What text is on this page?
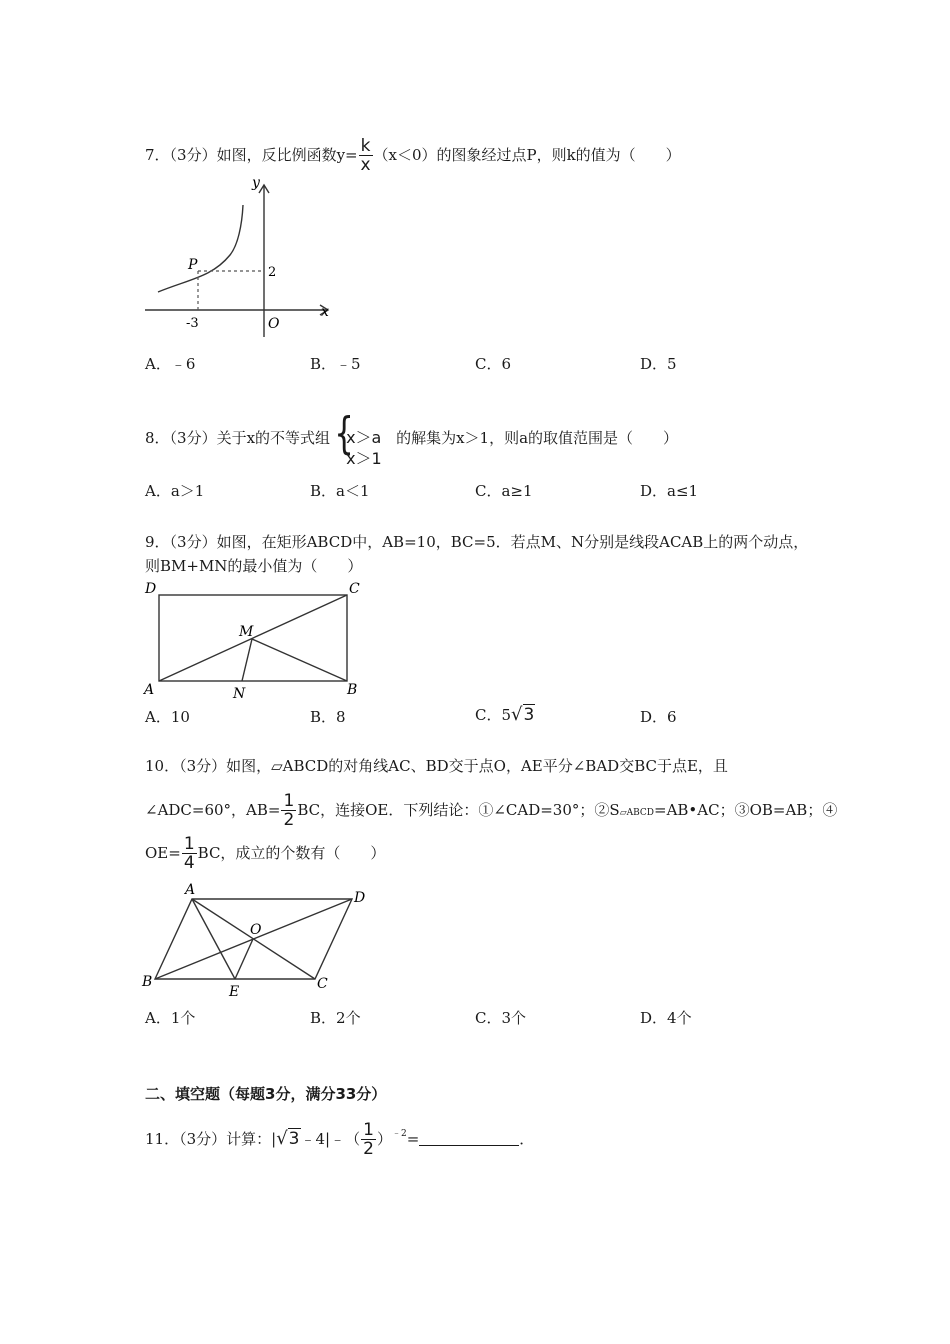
7．（3分）如图，反比例函数$y= \frac{k}{x} (x<0)$的图象经过点P，则k的值为（　　）
y
x
P
O
-3
2
A．﹣6	B．﹣5	C．6	D．5
8．（3分）关于x的不等式组 {
x＞a
x＞1
的解集为x＞1，则a的取值范围是（　　）
A．a＞1	B．a＜1	C．a≥1	D．a≤1
9．（3分）如图，在矩形ABCD中，AB=10，BC=5．若点M、N分别是线段ACAB上的两个动点，
则BM+MN的最小值为（　　）
D	C
A	B
M
N
A．10	B．8	C．5√3	D．6
10．（3分）如图，▱ABCD的对角线AC、BD交于点O，AE平分∠BAD交BC于点E，且
∠ADC=60°，$AB= \frac{1}{2}$ BC，连接OE．下列结论：①∠CAD=30°；②S▱ABCD=AB•AC；③OB=AB；④
$OE= \frac{1}{4}$ BC，成立的个数有（　　）
A	D
B	C
E
O
A．1个	B．2个	C．3个	D．4个
二、填空题（每题3分，满分33分）
11．（3分）计算：|√3﹣4|﹣（ $\frac{1}{2} )^{﹣2}=$	．
